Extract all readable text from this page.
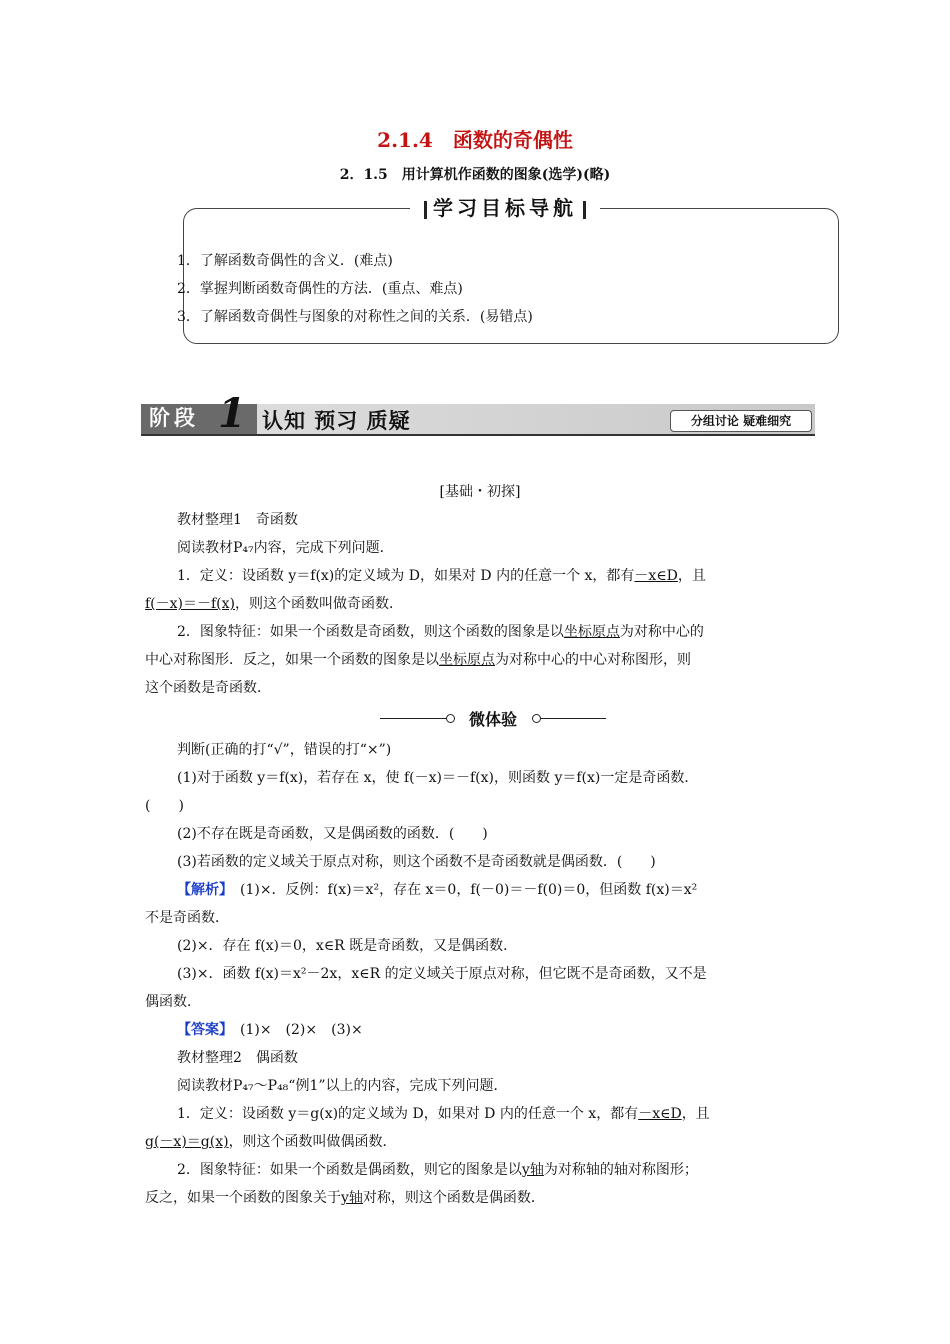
2.1.4　函数的奇偶性
2．1.5　用计算机作函数的图象(选学)(略)
学习目标导航
1．了解函数奇偶性的含义．(难点)
2．掌握判断函数奇偶性的方法．(重点、难点)
3．了解函数奇偶性与图象的对称性之间的关系．(易错点)
阶段 1 认知 预习 质疑	分组讨论 疑难细究
[基础・初探]
教材整理1　奇函数
阅读教材P₄₇内容，完成下列问题．
1．定义：设函数 y＝f(x)的定义域为 D，如果对 D 内的任意一个 x，都有－x∈D，且
f(－x)＝－f(x)，则这个函数叫做奇函数．
2．图象特征：如果一个函数是奇函数，则这个函数的图象是以坐标原点为对称中心的
中心对称图形．反之，如果一个函数的图象是以坐标原点为对称中心的中心对称图形，则
这个函数是奇函数．
微体验
判断(正确的打“√”，错误的打“×”)
(1)对于函数 y＝f(x)，若存在 x，使 f(－x)＝－f(x)，则函数 y＝f(x)一定是奇函数．
(　　)
(2)不存在既是奇函数，又是偶函数的函数．(　　)
(3)若函数的定义域关于原点对称，则这个函数不是奇函数就是偶函数．(　　)
【解析】　(1)×．反例：f(x)＝x²，存在 x＝0，f(－0)＝－f(0)＝0，但函数 f(x)＝x²
不是奇函数．
(2)×．存在 f(x)＝0，x∈R 既是奇函数，又是偶函数．
(3)×．函数 f(x)＝x²－2x，x∈R 的定义域关于原点对称，但它既不是奇函数，又不是
偶函数．
【答案】　(1)×　(2)×　(3)×
教材整理2　偶函数
阅读教材P₄₇～P₄₈“例1”以上的内容，完成下列问题．
1．定义：设函数 y＝g(x)的定义域为 D，如果对 D 内的任意一个 x，都有－x∈D，且
g(－x)＝g(x)，则这个函数叫做偶函数．
2．图象特征：如果一个函数是偶函数，则它的图象是以y轴为对称轴的轴对称图形；
反之，如果一个函数的图象关于y轴对称，则这个函数是偶函数．
